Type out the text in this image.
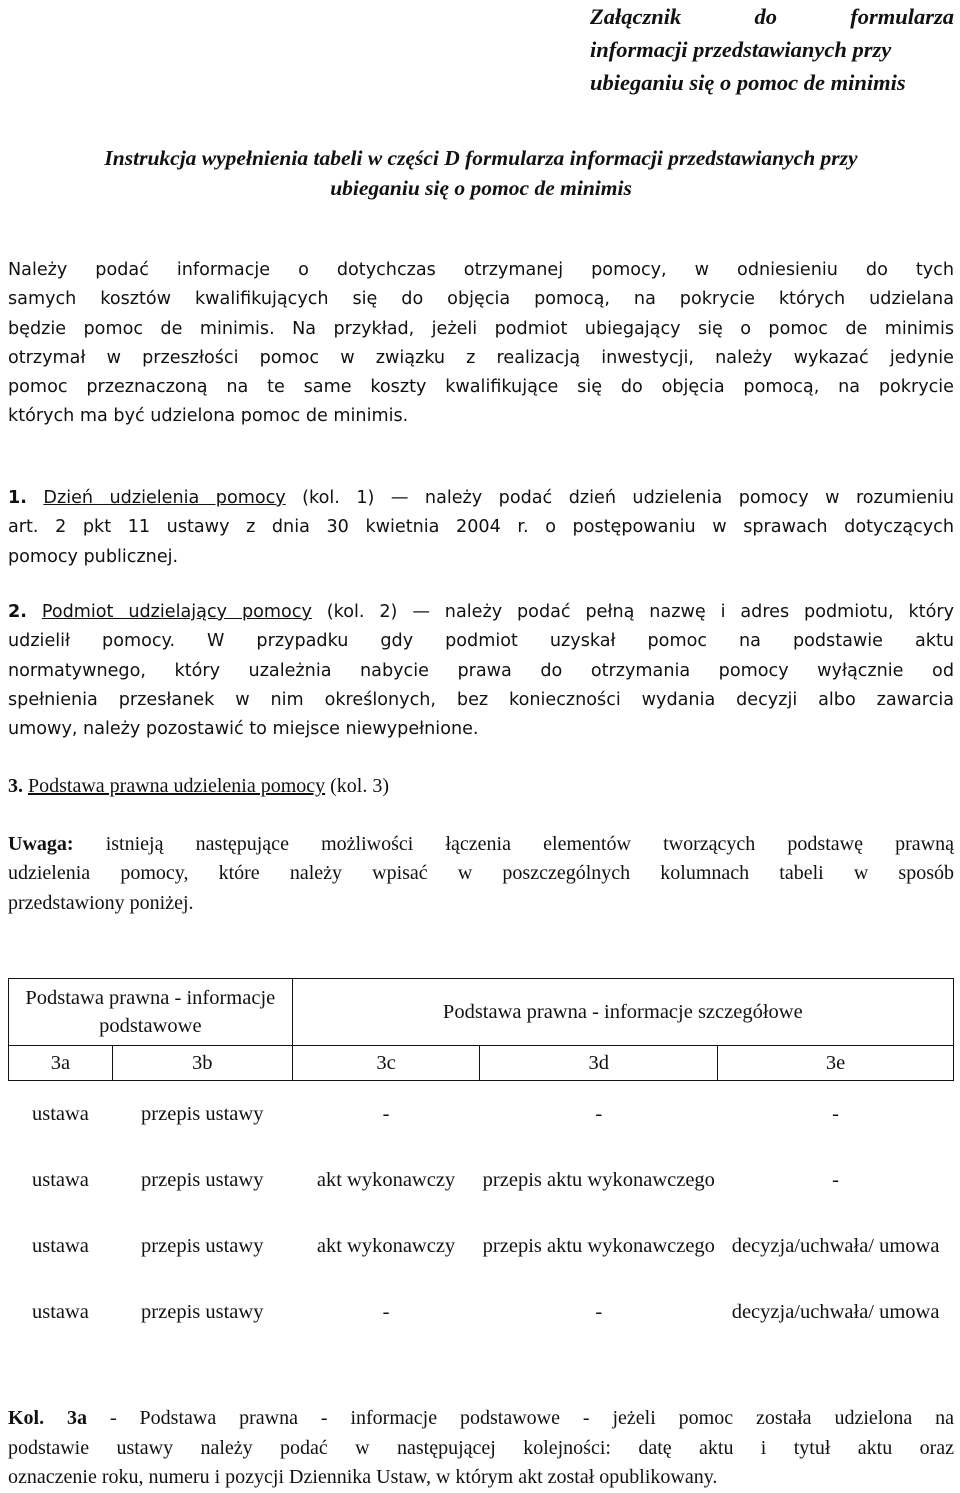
Załącznik	do	formularza
informacji przedstawianych przy
ubieganiu się o pomoc de minimis
Instrukcja wypełnienia tabeli w części D formularza informacji przedstawianych przy
ubieganiu się o pomoc de minimis
Należy podać informacje o dotychczas otrzymanej pomocy, w odniesieniu do tych
samych kosztów kwalifikujących się do objęcia pomocą, na pokrycie których udzielana
będzie pomoc de minimis. Na przykład, jeżeli podmiot ubiegający się o pomoc de minimis
otrzymał w przeszłości pomoc w związku z realizacją inwestycji, należy wykazać jedynie
pomoc przeznaczoną na te same koszty kwalifikujące się do objęcia pomocą, na pokrycie
których ma być udzielona pomoc de minimis.
1. Dzień udzielenia pomocy (kol. 1) — należy podać dzień udzielenia pomocy w rozumieniu
art. 2 pkt 11 ustawy z dnia 30 kwietnia 2004 r. o postępowaniu w sprawach dotyczących
pomocy publicznej.
2. Podmiot udzielający pomocy (kol. 2) — należy podać pełną nazwę i adres podmiotu, który
udzielił pomocy. W przypadku gdy podmiot uzyskał pomoc na podstawie aktu
normatywnego, który uzależnia nabycie prawa do otrzymania pomocy wyłącznie od
spełnienia przesłanek w nim określonych, bez konieczności wydania decyzji albo zawarcia
umowy, należy pozostawić to miejsce niewypełnione.
3. Podstawa prawna udzielenia pomocy (kol. 3)
Uwaga: istnieją następujące możliwości łączenia elementów tworzących podstawę prawną
udzielenia pomocy, które należy wpisać w poszczególnych kolumnach tabeli w sposób
przedstawiony poniżej.
Podstawa prawna - informacje podstawowe		Podstawa prawna - informacje szczegółowe		
3a	3b	3c	3d	3e
ustawa	przepis ustawy	-	-	-
ustawa	przepis ustawy	akt wykonawczy	przepis aktu wykonawczego	-
ustawa	przepis ustawy	akt wykonawczy	przepis aktu wykonawczego	decyzja/uchwała/ umowa
ustawa	przepis ustawy	-	-	decyzja/uchwała/ umowa
Kol. 3a - Podstawa prawna - informacje podstawowe - jeżeli pomoc została udzielona na
podstawie ustawy należy podać w następującej kolejności: datę aktu i tytuł aktu oraz
oznaczenie roku, numeru i pozycji Dziennika Ustaw, w którym akt został opublikowany.
